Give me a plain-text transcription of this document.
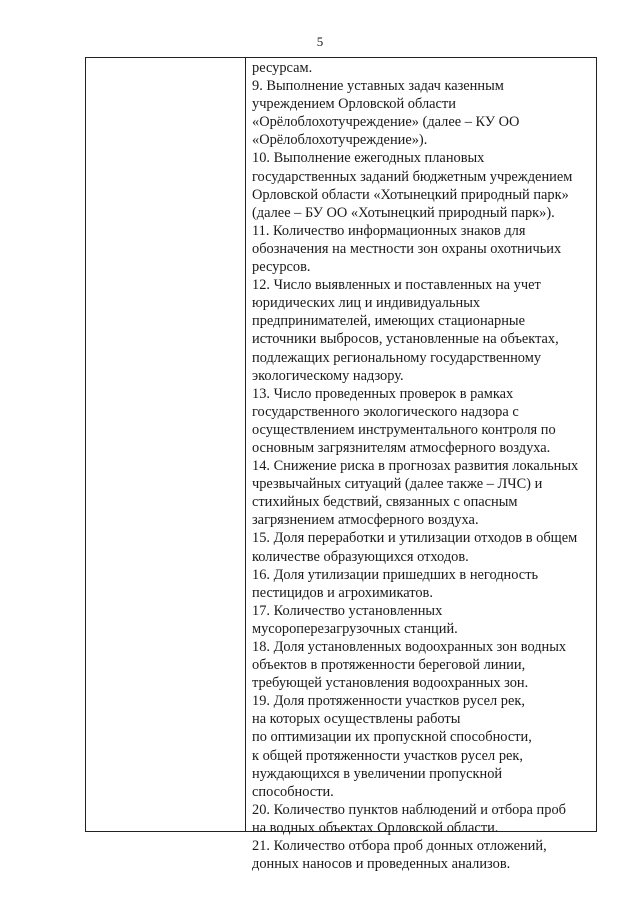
5
ресурсам.
9. Выполнение уставных задач казенным
учреждением Орловской области
«Орёлоблохотучреждение» (далее – КУ ОО
«Орёлоблохотучреждение»).
10. Выполнение ежегодных плановых
государственных заданий бюджетным учреждением
Орловской области «Хотынецкий природный парк»
(далее – БУ ОО «Хотынецкий природный парк»).
11. Количество информационных знаков для
обозначения на местности зон охраны охотничьих
ресурсов.
12. Число выявленных и поставленных на учет
юридических лиц и индивидуальных
предпринимателей, имеющих стационарные
источники выбросов, установленные на объектах,
подлежащих региональному государственному
экологическому надзору.
13. Число проведенных проверок в рамках
государственного экологического надзора с
осуществлением инструментального контроля по
основным загрязнителям атмосферного воздуха.
14. Снижение риска в прогнозах развития локальных
чрезвычайных ситуаций (далее также – ЛЧС) и
стихийных бедствий, связанных с опасным
загрязнением атмосферного воздуха.
15. Доля переработки и утилизации отходов в общем
количестве образующихся отходов.
16. Доля утилизации пришедших в негодность
пестицидов и агрохимикатов.
17. Количество установленных
мусороперезагрузочных станций.
18. Доля установленных водоохранных зон водных
объектов в протяженности береговой линии,
требующей установления водоохранных зон.
19. Доля протяженности участков русел рек,
на которых осуществлены работы
по оптимизации их пропускной способности,
к общей протяженности участков русел рек,
нуждающихся в увеличении пропускной
способности.
20. Количество пунктов наблюдений и отбора проб
на водных объектах Орловской области.
21. Количество отбора проб донных отложений,
донных наносов и проведенных анализов.
